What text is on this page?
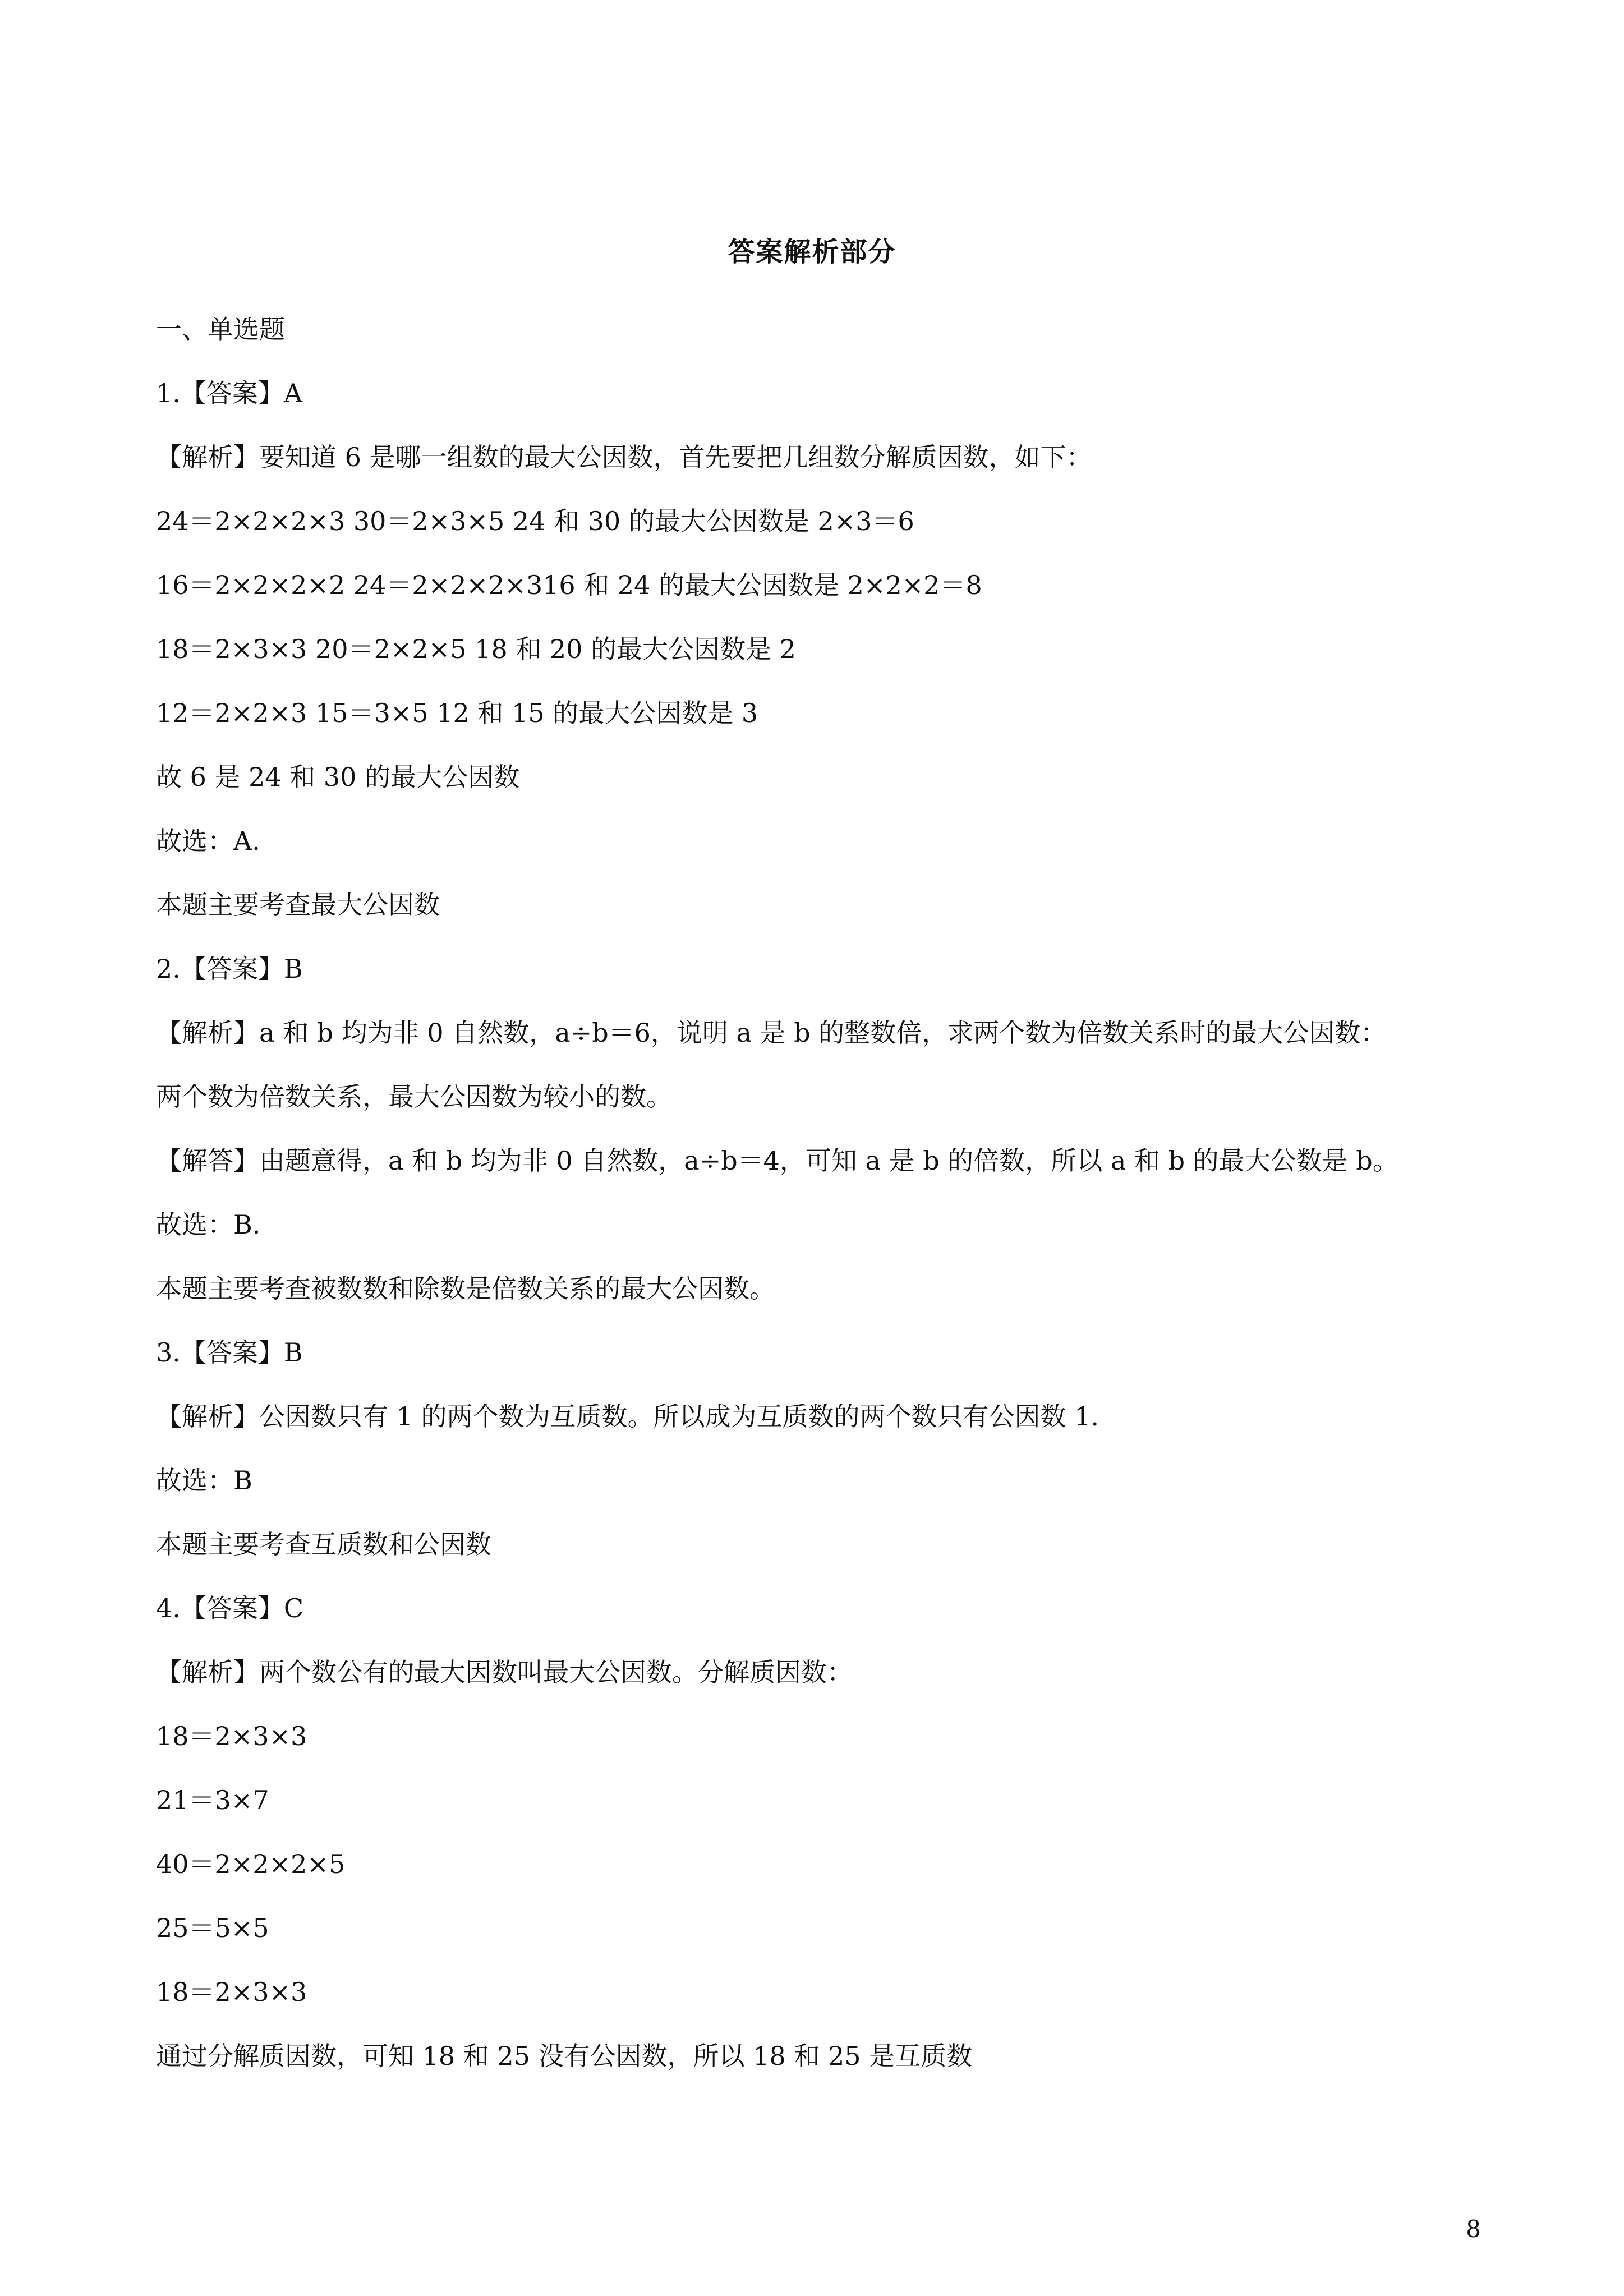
答案解析部分
一、单选题
1.【答案】A
【解析】要知道 6 是哪一组数的最大公因数，首先要把几组数分解质因数，如下：
24＝2×2×2×3 30＝2×3×5 24 和 30 的最大公因数是 2×3＝6
16＝2×2×2×2 24＝2×2×2×316 和 24 的最大公因数是 2×2×2＝8
18＝2×3×3 20＝2×2×5 18 和 20 的最大公因数是 2
12＝2×2×3 15＝3×5 12 和 15 的最大公因数是 3
故 6 是 24 和 30 的最大公因数
故选：A.
本题主要考查最大公因数
2.【答案】B
【解析】a 和 b 均为非 0 自然数，a÷b＝6，说明 a 是 b 的整数倍，求两个数为倍数关系时的最大公因数：
两个数为倍数关系，最大公因数为较小的数。
【解答】由题意得，a 和 b 均为非 0 自然数，a÷b＝4，可知 a 是 b 的倍数，所以 a 和 b 的最大公数是 b。
故选：B.
本题主要考查被数数和除数是倍数关系的最大公因数。
3.【答案】B
【解析】公因数只有 1 的两个数为互质数。所以成为互质数的两个数只有公因数 1.
故选：B
本题主要考查互质数和公因数
4.【答案】C
【解析】两个数公有的最大因数叫最大公因数。分解质因数：
18＝2×3×3
21＝3×7
40＝2×2×2×5
25＝5×5
18＝2×3×3
通过分解质因数，可知 18 和 25 没有公因数，所以 18 和 25 是互质数
8
